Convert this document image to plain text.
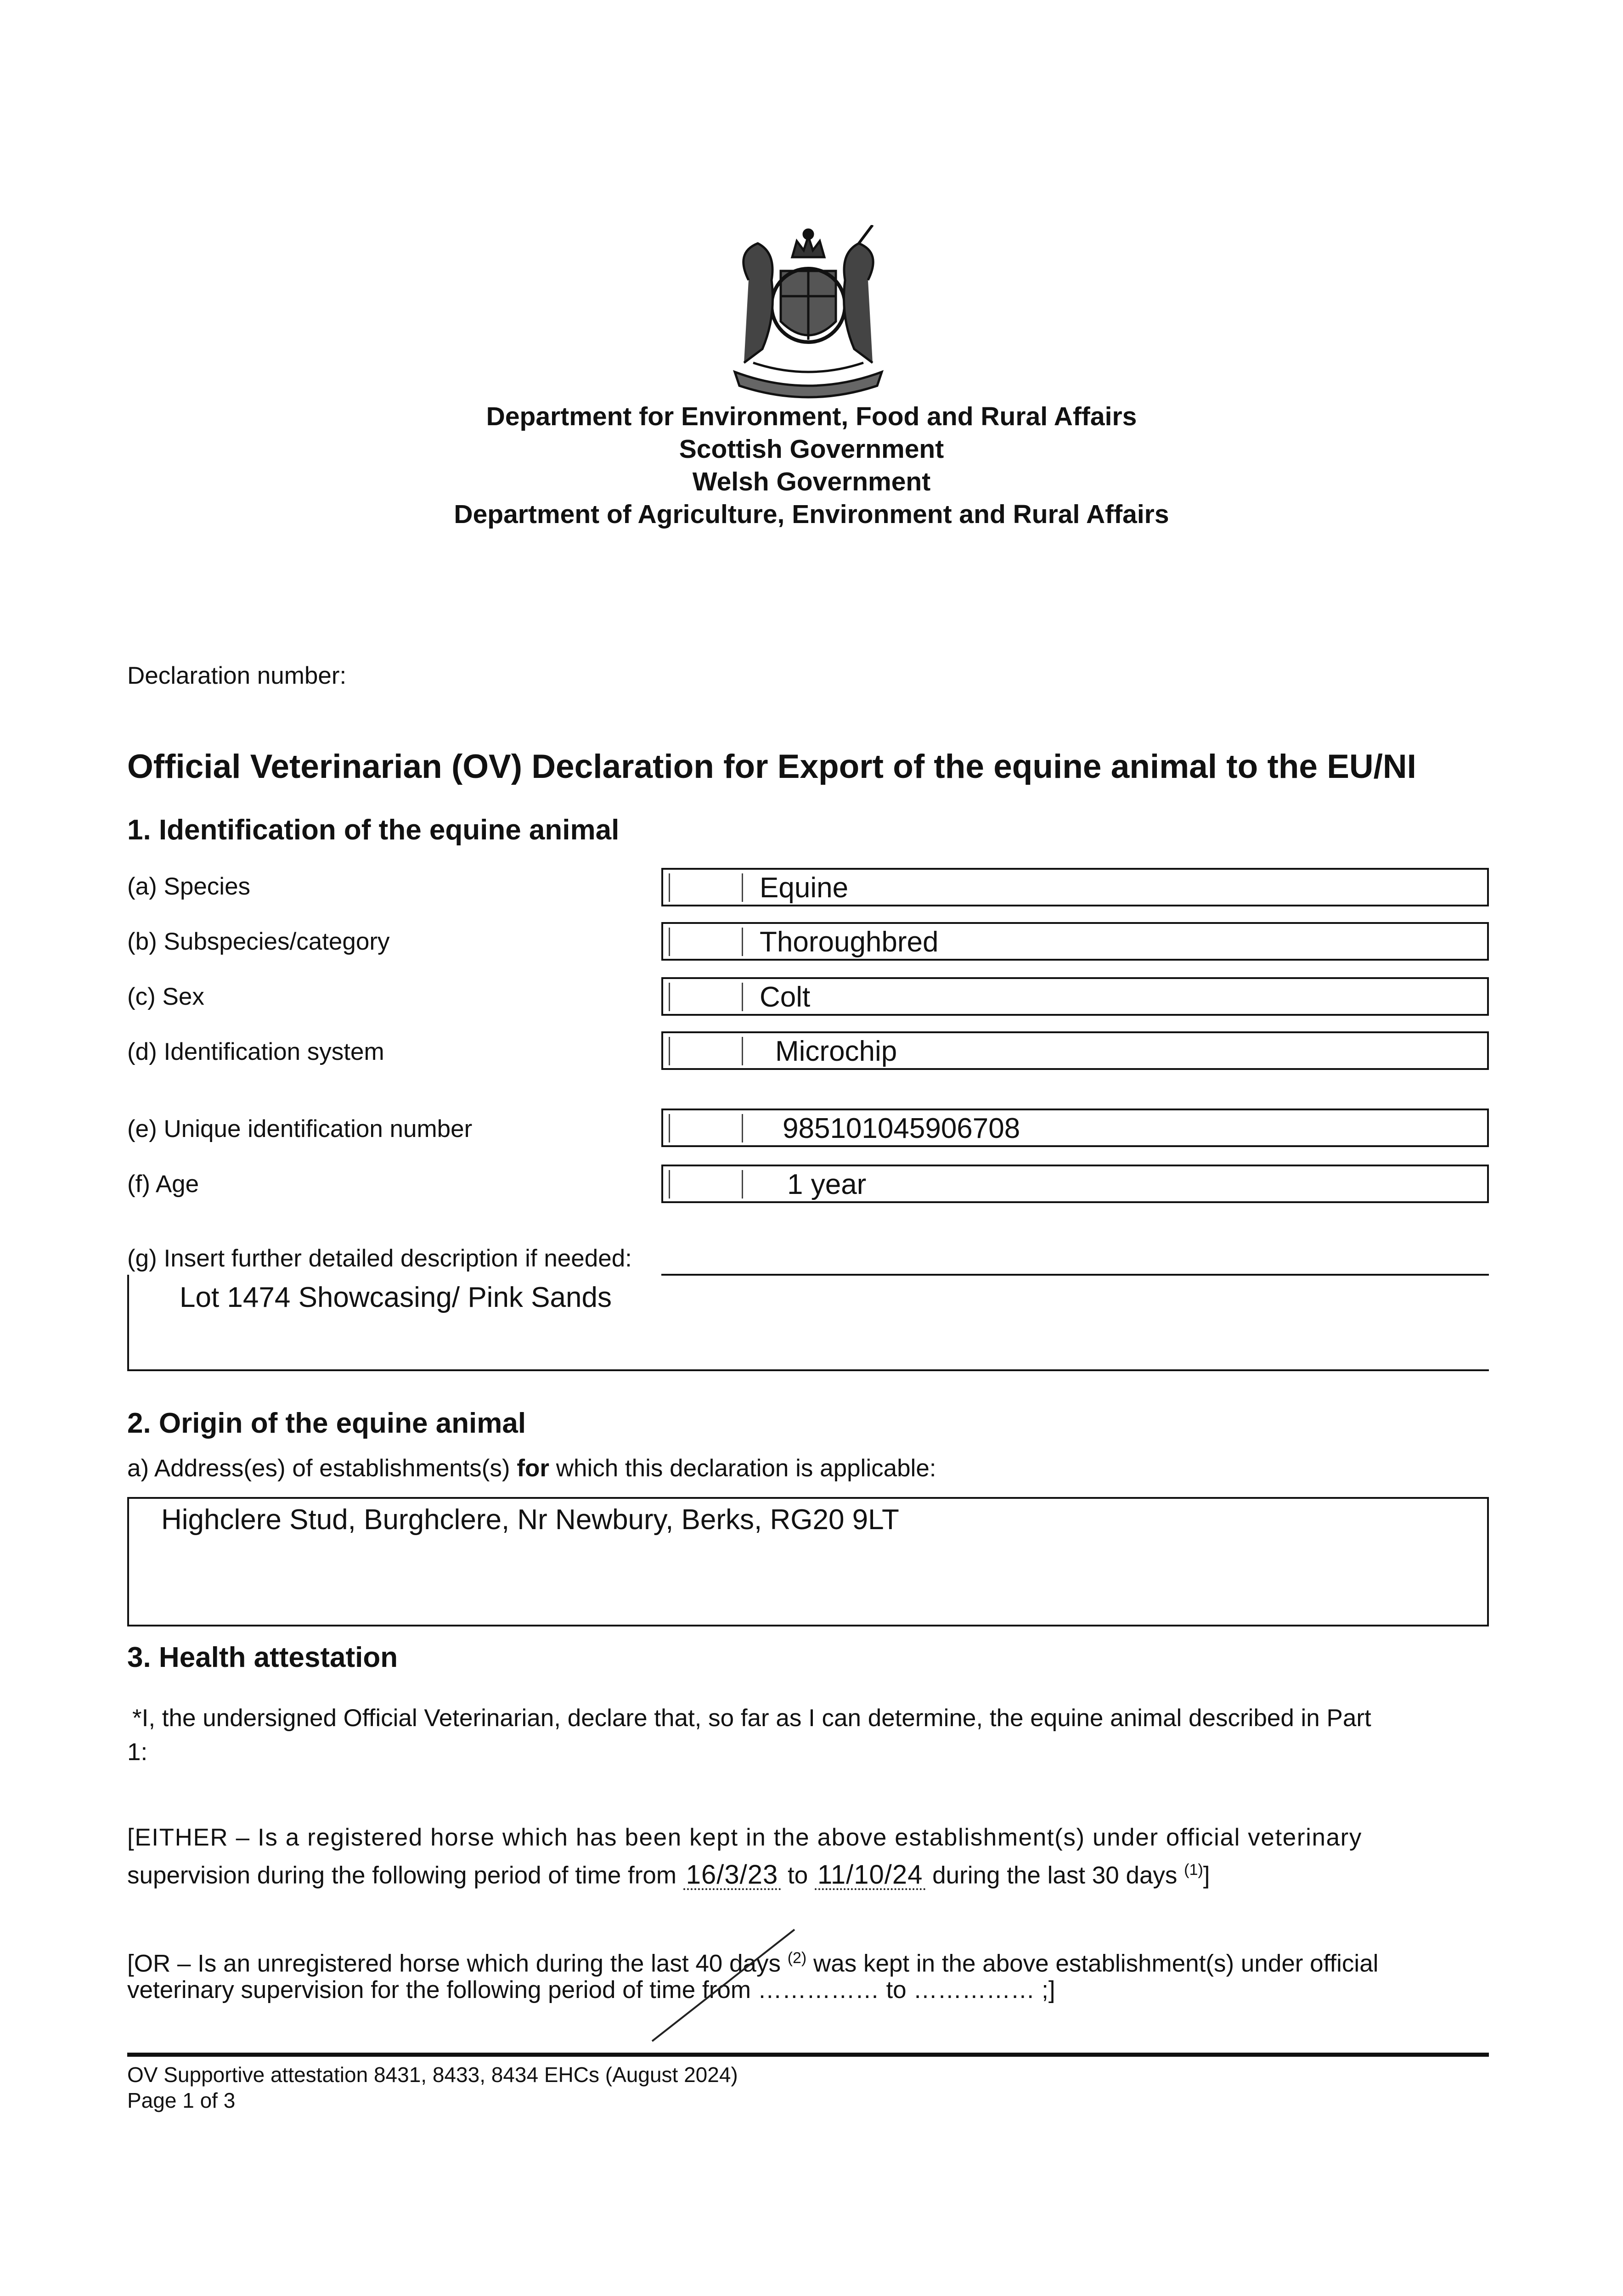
Department for Environment, Food and Rural Affairs
Scottish Government
Welsh Government
Department of Agriculture, Environment and Rural Affairs
Declaration number:
Official Veterinarian (OV) Declaration for Export of the equine animal to the EU/NI
1. Identification of the equine animal
(a) Species	Equine
(b) Subspecies/category	Thoroughbred
(c) Sex	Colt
(d) Identification system	Microchip
(e) Unique identification number	985101045906708
(f) Age	1 year
(g) Insert further detailed description if needed:
Lot 1474 Showcasing/ Pink Sands
2. Origin of the equine animal
a) Address(es) of establishments(s) for which this declaration is applicable:
Highclere Stud, Burghclere, Nr Newbury, Berks, RG20 9LT
3. Health attestation
*I, the undersigned Official Veterinarian, declare that, so far as I can determine, the equine animal described in Part
1:
[EITHER – Is a registered horse which has been kept in the above establishment(s) under official veterinary
supervision during the following period of time from 16/3/23 to 11/10/24 during the last 30 days $^{(1)}$]
[OR – Is an unregistered horse which during the last 40 days $^{(2)}$ was kept in the above establishment(s) under official
veterinary supervision for the following period of time from …………… to …………… ;]
OV Supportive attestation 8431, 8433, 8434 EHCs (August 2024)
Page 1 of 3
